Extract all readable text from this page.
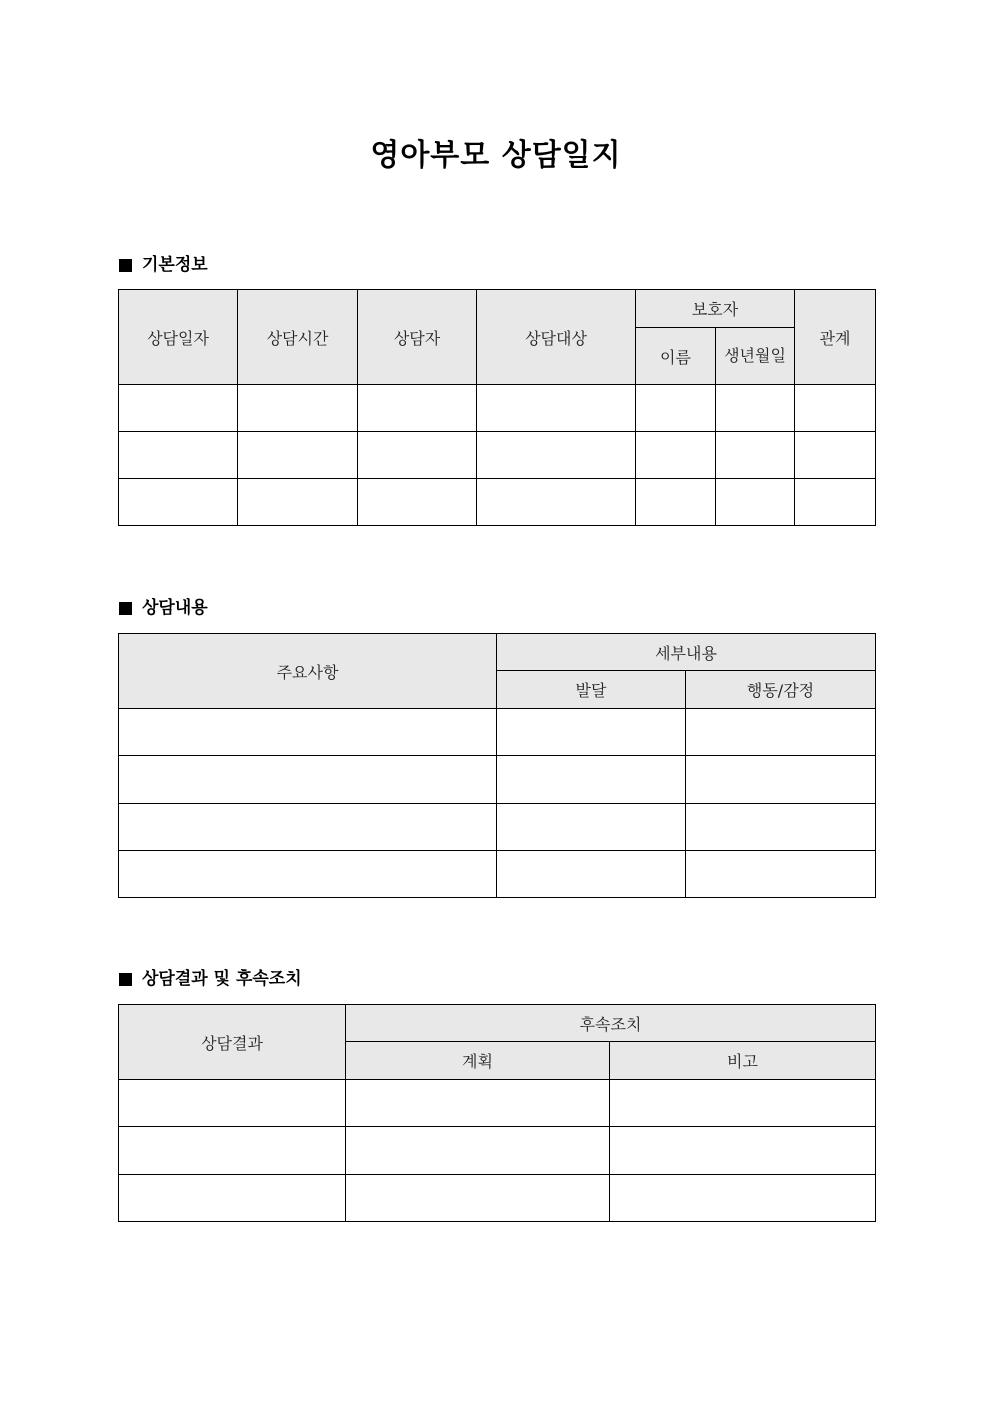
영아부모 상담일지
기본정보
상담일자	상담시간	상담자	상담대상	보호자		관계
				이름	생년월일	

상담내용
주요사항	세부내용	
	발달	행동/감정

상담결과 및 후속조치
상담결과	후속조치	
	계획	비고
